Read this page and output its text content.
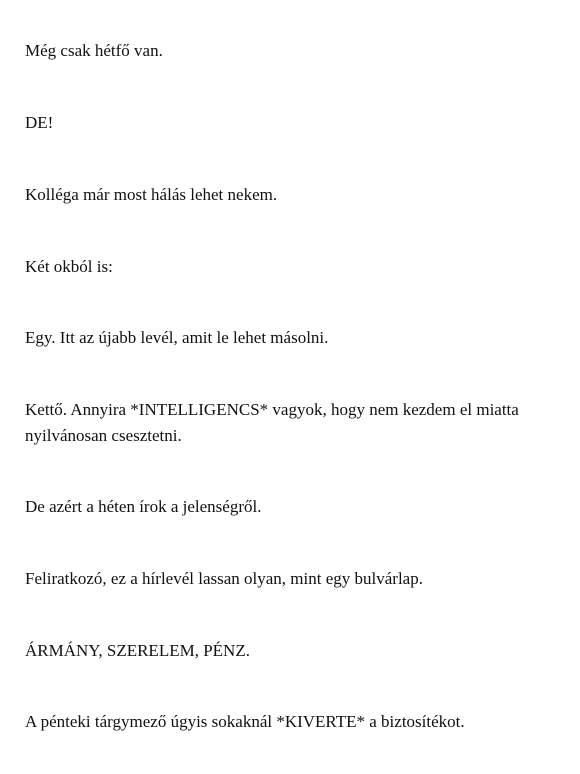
Még csak hétfő van.

DE!

Kolléga már most hálás lehet nekem.

Két okból is:

Egy. Itt az újabb levél, amit le lehet másolni.

Kettő. Annyira *INTELLIGENCS* vagyok, hogy nem kezdem el miatta nyilvánosan csesztetni.

De azért a héten írok a jelenségről.

Feliratkozó, ez a hírlevél lassan olyan, mint egy bulvárlap.

ÁRMÁNY, SZERELEM, PÉNZ.

A pénteki tárgymező úgyis sokaknál *KIVERTE* a biztosítékot.
